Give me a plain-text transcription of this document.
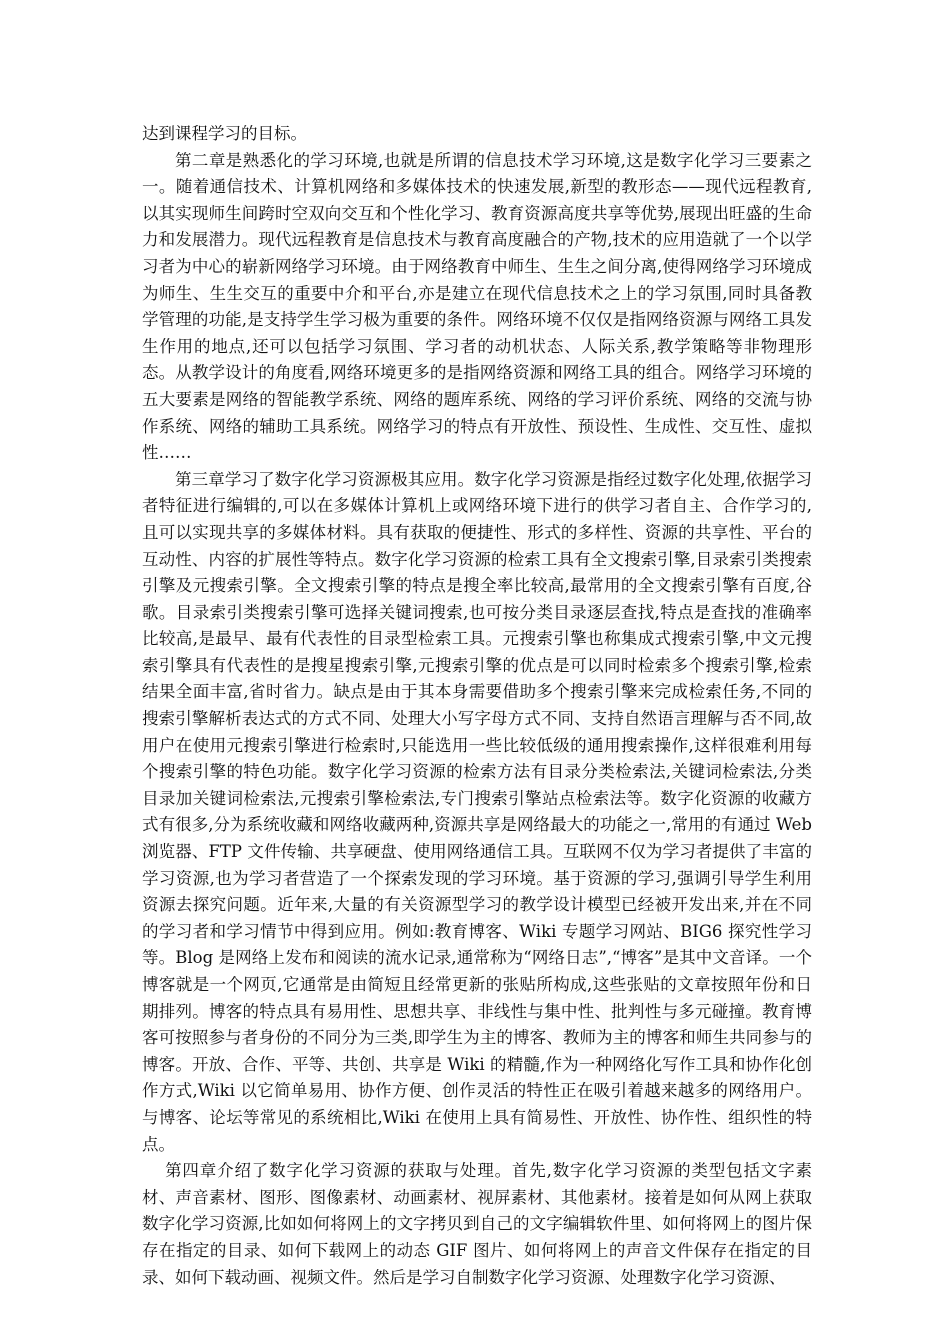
达到课程学习的目标。

第二章是熟悉化的学习环境,也就是所谓的信息技术学习环境,这是数字化学习三要素之一。随着通信技术、计算机网络和多媒体技术的快速发展,新型的教形态——现代远程教育,以其实现师生间跨时空双向交互和个性化学习、教育资源高度共享等优势,展现出旺盛的生命力和发展潜力。现代远程教育是信息技术与教育高度融合的产物,技术的应用造就了一个以学习者为中心的崭新网络学习环境。由于网络教育中师生、生生之间分离,使得网络学习环境成为师生、生生交互的重要中介和平台,亦是建立在现代信息技术之上的学习氛围,同时具备教学管理的功能,是支持学生学习极为重要的条件。网络环境不仅仅是指网络资源与网络工具发生作用的地点,还可以包括学习氛围、学习者的动机状态、人际关系,教学策略等非物理形态。从教学设计的角度看,网络环境更多的是指网络资源和网络工具的组合。网络学习环境的五大要素是网络的智能教学系统、网络的题库系统、网络的学习评价系统、网络的交流与协作系统、网络的辅助工具系统。网络学习的特点有开放性、预设性、生成性、交互性、虚拟性……

第三章学习了数字化学习资源极其应用。数字化学习资源是指经过数字化处理,依据学习者特征进行编辑的,可以在多媒体计算机上或网络环境下进行的供学习者自主、合作学习的,且可以实现共享的多媒体材料。具有获取的便捷性、形式的多样性、资源的共享性、平台的互动性、内容的扩展性等特点。数字化学习资源的检索工具有全文搜索引擎,目录索引类搜索引擎及元搜索引擎。全文搜索引擎的特点是搜全率比较高,最常用的全文搜索引擎有百度,谷歌。目录索引类搜索引擎可选择关键词搜索,也可按分类目录逐层查找,特点是查找的准确率比较高,是最早、最有代表性的目录型检索工具。元搜索引擎也称集成式搜索引擎,中文元搜索引擎具有代表性的是搜星搜索引擎,元搜索引擎的优点是可以同时检索多个搜索引擎,检索结果全面丰富,省时省力。缺点是由于其本身需要借助多个搜索引擎来完成检索任务,不同的搜索引擎解析表达式的方式不同、处理大小写字母方式不同、支持自然语言理解与否不同,故用户在使用元搜索引擎进行检索时,只能选用一些比较低级的通用搜索操作,这样很难利用每个搜索引擎的特色功能。数字化学习资源的检索方法有目录分类检索法,关键词检索法,分类目录加关键词检索法,元搜索引擎检索法,专门搜索引擎站点检索法等。数字化资源的收藏方式有很多,分为系统收藏和网络收藏两种,资源共享是网络最大的功能之一,常用的有通过 Web 浏览器、FTP 文件传输、共享硬盘、使用网络通信工具。互联网不仅为学习者提供了丰富的学习资源,也为学习者营造了一个探索发现的学习环境。基于资源的学习,强调引导学生利用资源去探究问题。近年来,大量的有关资源型学习的教学设计模型已经被开发出来,并在不同的学习者和学习情节中得到应用。例如:教育博客、Wiki 专题学习网站、BIG6 探究性学习等。Blog 是网络上发布和阅读的流水记录,通常称为“网络日志”,“博客”是其中文音译。一个博客就是一个网页,它通常是由简短且经常更新的张贴所构成,这些张贴的文章按照年份和日期排列。博客的特点具有易用性、思想共享、非线性与集中性、批判性与多元碰撞。教育博客可按照参与者身份的不同分为三类,即学生为主的博客、教师为主的博客和师生共同参与的博客。开放、合作、平等、共创、共享是 Wiki 的精髓,作为一种网络化写作工具和协作化创作方式,Wiki 以它简单易用、协作方便、创作灵活的特性正在吸引着越来越多的网络用户。与博客、论坛等常见的系统相比,Wiki 在使用上具有简易性、开放性、协作性、组织性的特点。

第四章介绍了数字化学习资源的获取与处理。首先,数字化学习资源的类型包括文字素材、声音素材、图形、图像素材、动画素材、视屏素材、其他素材。接着是如何从网上获取数字化学习资源,比如如何将网上的文字拷贝到自己的文字编辑软件里、如何将网上的图片保存在指定的目录、如何下载网上的动态 GIF 图片、如何将网上的声音文件保存在指定的目录、如何下载动画、视频文件。然后是学习自制数字化学习资源、处理数字化学习资源、
